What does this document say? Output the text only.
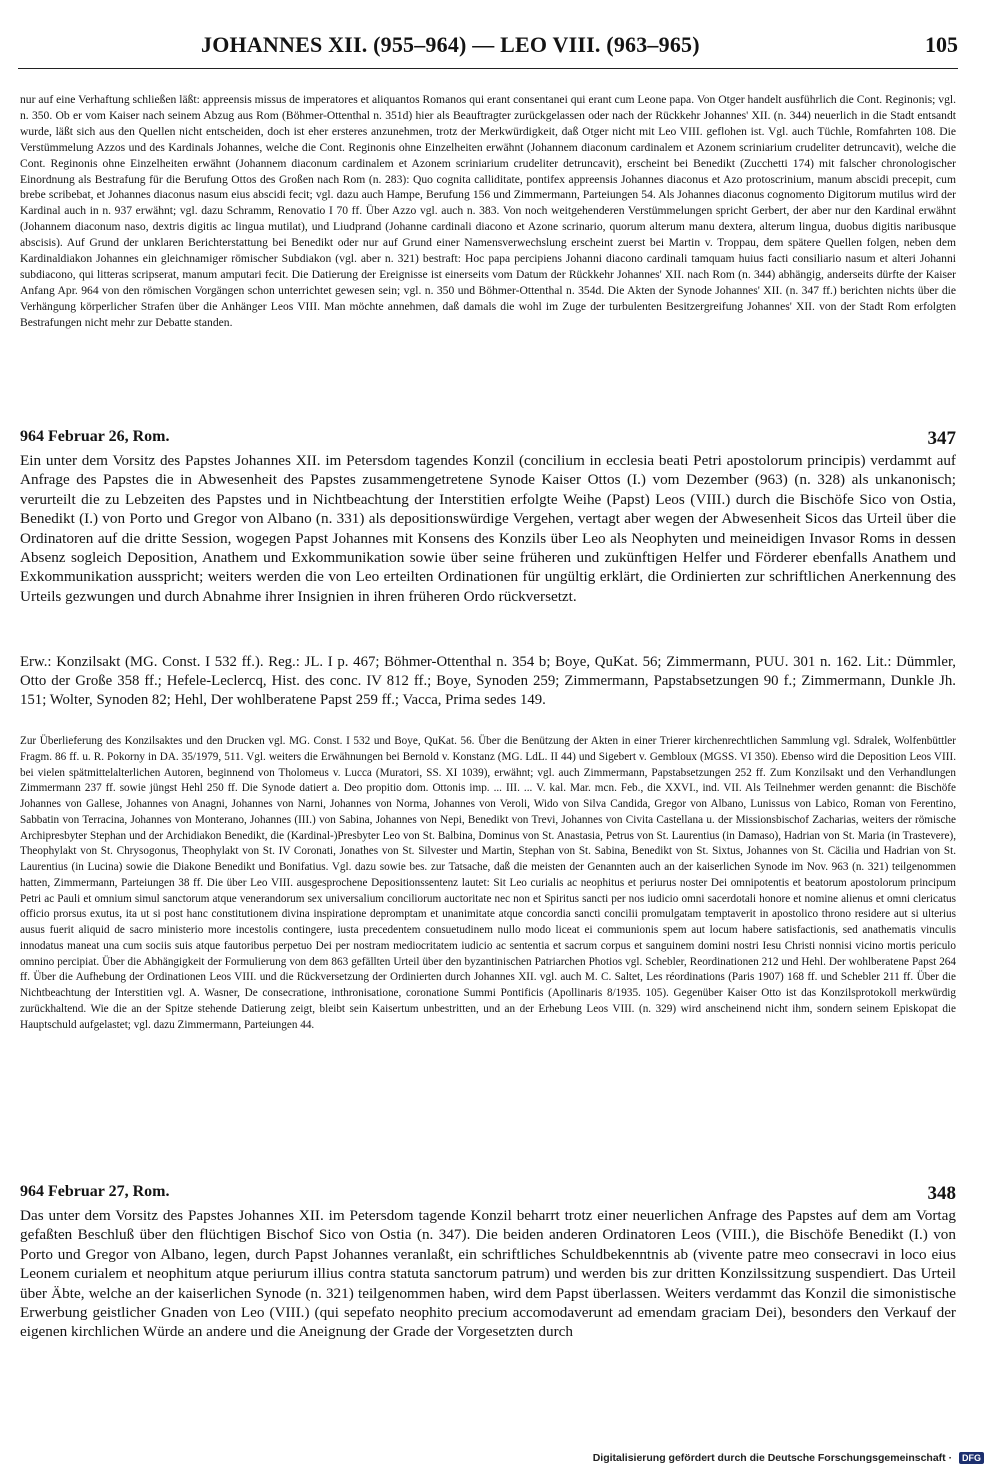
JOHANNES XII. (955–964) — LEO VIII. (963–965)	105

nur auf eine Verhaftung schließen läßt: appreensis missus de imperatores et aliquantos Romanos qui erant consentanei qui erant cum Leone papa. Von Otger handelt ausführlich die Cont. Reginonis; vgl. n. 350. Ob er vom Kaiser nach seinem Abzug aus Rom (Böhmer-Ottenthal n. 351d) hier als Beauftragter zurückgelassen oder nach der Rückkehr Johannes' XII. (n. 344) neuerlich in die Stadt entsandt wurde, läßt sich aus den Quellen nicht entscheiden, doch ist eher ersteres anzunehmen, trotz der Merkwürdigkeit, daß Otger nicht mit Leo VIII. geflohen ist. Vgl. auch Tüchle, Romfahrten 108. Die Verstümmelung Azzos und des Kardinals Johannes, welche die Cont. Reginonis ohne Einzelheiten erwähnt (Johannem diaconum cardinalem et Azonem scriniarium crudeliter detruncavit), welche die Cont. Reginonis ohne Einzelheiten erwähnt (Johannem diaconum cardinalem et Azonem scriniarium crudeliter detruncavit), erscheint bei Benedikt (Zucchetti 174) mit falscher chronologischer Einordnung als Bestrafung für die Berufung Ottos des Großen nach Rom (n. 283): Quo cognita calliditate, pontifex appreensis Johannes diaconus et Azo protoscrinium, manum abscidi precepit, cum brebe scribebat, et Johannes diaconus nasum eius abscidi fecit; vgl. dazu auch Hampe, Berufung 156 und Zimmermann, Parteiungen 54. Als Johannes diaconus cognomento Digitorum mutilus wird der Kardinal auch in n. 937 erwähnt; vgl. dazu Schramm, Renovatio I 70 ff. Über Azzo vgl. auch n. 383. Von noch weitgehenderen Verstümmelungen spricht Gerbert, der aber nur den Kardinal erwähnt (Johannem diaconum naso, dextris digitis ac lingua mutilat), und Liudprand (Johanne cardinali diacono et Azone scrinario, quorum alterum manu dextera, alterum lingua, duobus digitis naribusque abscisis). Auf Grund der unklaren Berichterstattung bei Benedikt oder nur auf Grund einer Namensverwechslung erscheint zuerst bei Martin v. Troppau, dem spätere Quellen folgen, neben dem Kardinaldiakon Johannes ein gleichnamiger römischer Subdiakon (vgl. aber n. 321) bestraft: Hoc papa percipiens Johanni diacono cardinali tamquam huius facti consiliario nasum et alteri Johanni subdiacono, qui litteras scripserat, manum amputari fecit. Die Datierung der Ereignisse ist einerseits vom Datum der Rückkehr Johannes' XII. nach Rom (n. 344) abhängig, anderseits dürfte der Kaiser Anfang Apr. 964 von den römischen Vorgängen schon unterrichtet gewesen sein; vgl. n. 350 und Böhmer-Ottenthal n. 354d. Die Akten der Synode Johannes' XII. (n. 347 ff.) berichten nichts über die Verhängung körperlicher Strafen über die Anhänger Leos VIII. Man möchte annehmen, daß damals die wohl im Zuge der turbulenten Besitzergreifung Johannes' XII. von der Stadt Rom erfolgten Bestrafungen nicht mehr zur Debatte standen.

964 Februar 26, Rom.	347

Ein unter dem Vorsitz des Papstes Johannes XII. im Petersdom tagendes Konzil (concilium in ecclesia beati Petri apostolorum principis) verdammt auf Anfrage des Papstes die in Abwesenheit des Papstes zusammengetretene Synode Kaiser Ottos (I.) vom Dezember (963) (n. 328) als unkanonisch; verurteilt die zu Lebzeiten des Papstes und in Nichtbeachtung der Interstitien erfolgte Weihe (Papst) Leos (VIII.) durch die Bischöfe Sico von Ostia, Benedikt (I.) von Porto und Gregor von Albano (n. 331) als depositionswürdige Vergehen, vertagt aber wegen der Abwesenheit Sicos das Urteil über die Ordinatoren auf die dritte Session, wogegen Papst Johannes mit Konsens des Konzils über Leo als Neophyten und meineidigen Invasor Roms in dessen Absenz sogleich Deposition, Anathem und Exkommunikation sowie über seine früheren und zukünftigen Helfer und Förderer ebenfalls Anathem und Exkommunikation ausspricht; weiters werden die von Leo erteilten Ordinationen für ungültig erklärt, die Ordinierten zur schriftlichen Anerkennung des Urteils gezwungen und durch Abnahme ihrer Insignien in ihren früheren Ordo rückversetzt.

Erw.: Konzilsakt (MG. Const. I 532 ff.). Reg.: JL. I p. 467; Böhmer-Ottenthal n. 354 b; Boye, QuKat. 56; Zimmermann, PUU. 301 n. 162. Lit.: Dümmler, Otto der Große 358 ff.; Hefele-Leclercq, Hist. des conc. IV 812 ff.; Boye, Synoden 259; Zimmermann, Papstabsetzungen 90 f.; Zimmermann, Dunkle Jh. 151; Wolter, Synoden 82; Hehl, Der wohlberatene Papst 259 ff.; Vacca, Prima sedes 149.

Zur Überlieferung des Konzilsaktes und den Drucken vgl. MG. Const. I 532 und Boye, QuKat. 56. Über die Benützung der Akten in einer Trierer kirchenrechtlichen Sammlung vgl. Sdralek, Wolfenbüttler Fragm. 86 ff. u. R. Pokorny in DA. 35/1979, 511. Vgl. weiters die Erwähnungen bei Bernold v. Konstanz (MG. LdL. II 44) und Sigebert v. Gembloux (MGSS. VI 350). Ebenso wird die Deposition Leos VIII. bei vielen spätmittelalterlichen Autoren, beginnend von Tholomeus v. Lucca (Muratori, SS. XI 1039), erwähnt; vgl. auch Zimmermann, Papstabsetzungen 252 ff. Zum Konzilsakt und den Verhandlungen Zimmermann 237 ff. sowie jüngst Hehl 250 ff. Die Synode datiert a. Deo propitio dom. Ottonis imp. ... III. ... V. kal. Mar. mcn. Feb., die XXVI., ind. VII. Als Teilnehmer werden genannt: die Bischöfe Johannes von Gallese, Johannes von Anagni, Johannes von Narni, Johannes von Norma, Johannes von Veroli, Wido von Silva Candida, Gregor von Albano, Lunissus von Labico, Roman von Ferentino, Sabbatin von Terracina, Johannes von Monterano, Johannes (III.) von Sabina, Johannes von Nepi, Benedikt von Trevi, Johannes von Civita Castellana u. der Missionsbischof Zacharias, weiters der römische Archipresbyter Stephan und der Archidiakon Benedikt, die (Kardinal-)Presbyter Leo von St. Balbina, Dominus von St. Anastasia, Petrus von St. Laurentius (in Damaso), Hadrian von St. Maria (in Trastevere), Theophylakt von St. Chrysogonus, Theophylakt von St. IV Coronati, Jonathes von St. Silvester und Martin, Stephan von St. Sabina, Benedikt von St. Sixtus, Johannes von St. Cäcilia und Hadrian von St. Laurentius (in Lucina) sowie die Diakone Benedikt und Bonifatius. Vgl. dazu sowie bes. zur Tatsache, daß die meisten der Genannten auch an der kaiserlichen Synode im Nov. 963 (n. 321) teilgenommen hatten, Zimmermann, Parteiungen 38 ff. Die über Leo VIII. ausgesprochene Depositionssentenz lautet: Sit Leo curialis ac neophitus et periurus noster Dei omnipotentis et beatorum apostolorum principum Petri ac Pauli et omnium simul sanctorum atque venerandorum sex universalium conciliorum auctoritate nec non et Spiritus sancti per nos iudicio omni sacerdotali honore et nomine alienus et omni clericatus officio prorsus exutus, ita ut si post hanc constitutionem divina inspiratione depromptam et unanimitate atque concordia sancti concilii promulgatam temptaverit in apostolico throno residere aut si ulterius ausus fuerit aliquid de sacro ministerio more incestolis contingere, iusta precedentem consuetudinem nullo modo liceat ei communionis spem aut locum habere satisfactionis, sed anathematis vinculis innodatus maneat una cum sociis suis atque fautoribus perpetuo Dei per nostram mediocritatem iudicio ac sententia et sacrum corpus et sanguinem domini nostri Iesu Christi nonnisi vicino mortis periculo omnino percipiat. Über die Abhängigkeit der Formulierung von dem 863 gefällten Urteil über den byzantinischen Patriarchen Photios vgl. Schebler, Reordinationen 212 und Hehl. Der wohlberatene Papst 264 ff. Über die Aufhebung der Ordinationen Leos VIII. und die Rückversetzung der Ordinierten durch Johannes XII. vgl. auch M. C. Saltet, Les réordinations (Paris 1907) 168 ff. und Schebler 211 ff. Über die Nichtbeachtung der Interstitien vgl. A. Wasner, De consecratione, inthronisatione, coronatione Summi Pontificis (Apollinaris 8/1935. 105). Gegenüber Kaiser Otto ist das Konzilsprotokoll merkwürdig zurückhaltend. Wie die an der Spitze stehende Datierung zeigt, bleibt sein Kaisertum unbestritten, und an der Erhebung Leos VIII. (n. 329) wird anscheinend nicht ihm, sondern seinem Episkopat die Hauptschuld aufgelastet; vgl. dazu Zimmermann, Parteiungen 44.

964 Februar 27, Rom.	348

Das unter dem Vorsitz des Papstes Johannes XII. im Petersdom tagende Konzil beharrt trotz einer neuerlichen Anfrage des Papstes auf dem am Vortag gefaßten Beschluß über den flüchtigen Bischof Sico von Ostia (n. 347). Die beiden anderen Ordinatoren Leos (VIII.), die Bischöfe Benedikt (I.) von Porto und Gregor von Albano, legen, durch Papst Johannes veranlaßt, ein schriftliches Schuldbekenntnis ab (vivente patre meo consecravi in loco eius Leonem curialem et neophitum atque periurum illius contra statuta sanctorum patrum) und werden bis zur dritten Konzilssitzung suspendiert. Das Urteil über Äbte, welche an der kaiserlichen Synode (n. 321) teilgenommen haben, wird dem Papst überlassen. Weiters verdammt das Konzil die simonistische Erwerbung geistlicher Gnaden von Leo (VIII.) (qui sepefato neophito precium accomodaverunt ad emendam graciam Dei), besonders den Verkauf der eigenen kirchlichen Würde an andere und die Aneignung der Grade der Vorgesetzten durch

Digitalisierung gefördert durch die Deutsche Forschungsgemeinschaft · DFG
